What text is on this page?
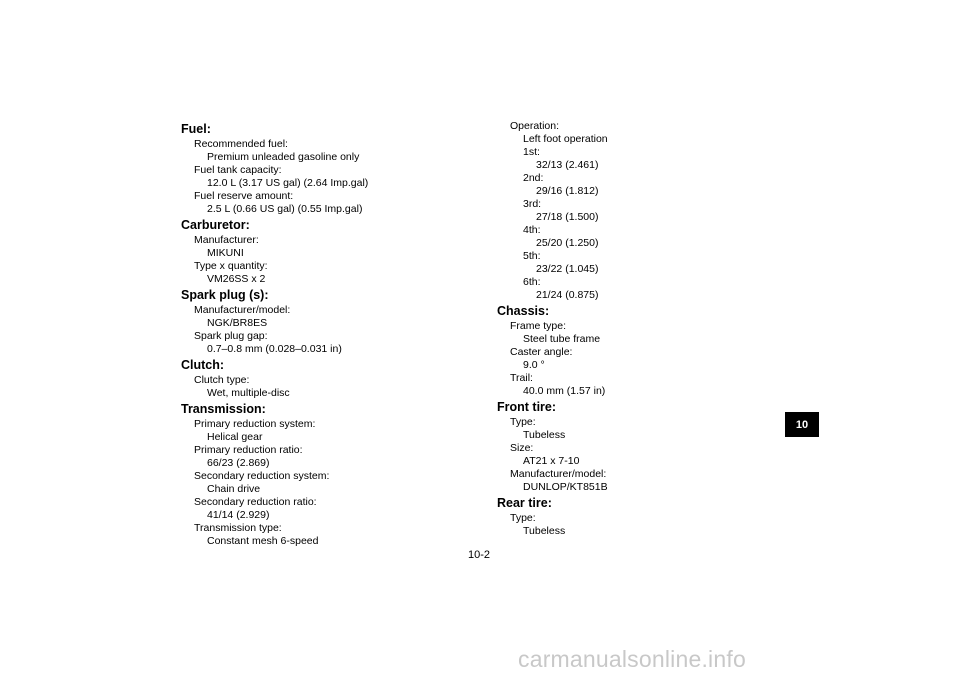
Fuel:
Recommended fuel:
Premium unleaded gasoline only
Fuel tank capacity:
12.0 L (3.17 US gal) (2.64 Imp.gal)
Fuel reserve amount:
2.5 L (0.66 US gal) (0.55 Imp.gal)
Carburetor:
Manufacturer:
MIKUNI
Type x quantity:
VM26SS x 2
Spark plug (s):
Manufacturer/model:
NGK/BR8ES
Spark plug gap:
0.7–0.8 mm (0.028–0.031 in)
Clutch:
Clutch type:
Wet, multiple-disc
Transmission:
Primary reduction system:
Helical gear
Primary reduction ratio:
66/23 (2.869)
Secondary reduction system:
Chain drive
Secondary reduction ratio:
41/14 (2.929)
Transmission type:
Constant mesh 6-speed
Operation:
Left foot operation
1st:
32/13 (2.461)
2nd:
29/16 (1.812)
3rd:
27/18 (1.500)
4th:
25/20 (1.250)
5th:
23/22 (1.045)
6th:
21/24 (0.875)
Chassis:
Frame type:
Steel tube frame
Caster angle:
9.0 °
Trail:
40.0 mm (1.57 in)
Front tire:
Type:
Tubeless
Size:
AT21 x 7-10
Manufacturer/model:
DUNLOP/KT851B
Rear tire:
Type:
Tubeless
10
10-2
carmanualsonline.info
